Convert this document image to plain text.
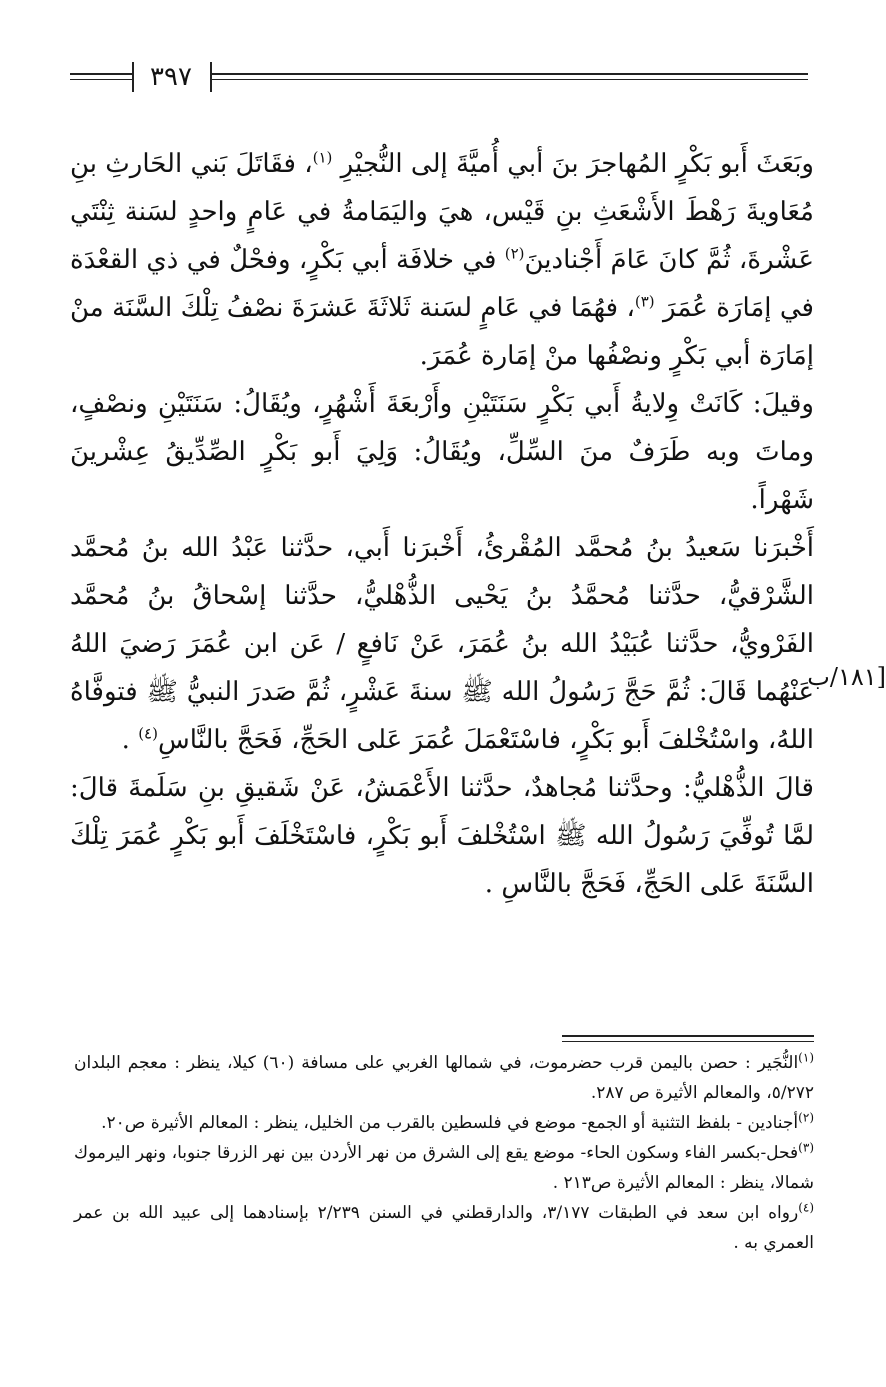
٣٩٧

وبَعَثَ أَبو بَكْرٍ المُهاجرَ بنَ أبي أُميَّةَ إلى النُّجيْرِ $^{(١)}$، فقَاتَلَ بَني الحَارثِ بنِ مُعَاويةَ رَهْطَ الأَشْعَثِ بنِ قَيْس، هيَ واليَمَامةُ في عَامٍ واحدٍ لسَنة ثِنْتَي عَشْرةَ، ثُمَّ كانَ عَامَ أَجْنادينَ$^{(٢)}$ في خلافَة أبي بَكْرٍ، وفحْلٌ في ذي القعْدَة في إمَارَة عُمَرَ $^{(٣)}$، فهُمَا في عَامٍ لسَنة ثَلاثَةَ عَشرَةَ نصْفُ تِلْكَ السَّنَة منْ إمَارَة أبي بَكْرٍ ونصْفُها منْ إمَارة عُمَرَ.

وقيلَ: كَانَتْ وِلايةُ أَبي بَكْرٍ سَنَتَيْنِ وأَرْبعَةَ أَشْهُرٍ، ويُقَالُ: سَنَتَيْنِ ونصْفٍ، وماتَ وبه طَرَفٌ منَ السِّلِّ، ويُقَالُ: وَلِيَ أَبو بَكْرٍ الصِّدِّيقُ عِشْرينَ شَهْراً.

أَخْبرَنا سَعيدُ بنُ مُحمَّد المُقْرئُ، أَخْبرَنا أَبي، حدَّثنا عَبْدُ الله بنُ مُحمَّد الشَّرْقيُّ، حدَّثنا مُحمَّدُ بنُ يَحْيى الذُّهْليُّ، حدَّثنا إسْحاقُ بنُ مُحمَّد الفَرْويُّ، حدَّثنا عُبَيْدُ الله بنُ عُمَرَ، عَنْ نَافعٍ / عَن ابن عُمَرَ رَضيَ اللهُ عَنْهُما قَالَ: ثُمَّ حَجَّ رَسُولُ الله ﷺ سنةَ عَشْرٍ، ثُمَّ صَدرَ النبيُّ ﷺ فتوفَّاهُ اللهُ، واسْتُخْلفَ أَبو بَكْرٍ، فاسْتَعْمَلَ عُمَرَ عَلى الحَجِّ، فَحَجَّ بالنَّاسِ$^{(٤)}$ .

قالَ الذُّهْليُّ: وحدَّثنا مُجاهدٌ، حدَّثنا الأَعْمَشُ، عَنْ شَقيقِ بنِ سَلَمةَ قالَ: لمَّا تُوفِّيَ رَسُولُ الله ﷺ اسْتُخْلفَ أَبو بَكْرٍ، فاسْتَخْلَفَ أَبو بَكْرٍ عُمَرَ تِلْكَ السَّنَةَ عَلى الحَجِّ، فَحَجَّ بالنَّاسِ .

[١٨١/ب

$^{(١)}$النُّجَير : حصن باليمن قرب حضرموت، في شمالها الغربي على مسافة (٦٠) كيلا، ينظر : معجم البلدان ٥/٢٧٢، والمعالم الأثيرة ص ٢٨٧.

$^{(٢)}$أجنادين - بلفظ التثنية أو الجمع- موضع في فلسطين بالقرب من الخليل، ينظر : المعالم الأثيرة ص٢٠.

$^{(٣)}$فحل-بكسر الفاء وسكون الحاء- موضع يقع إلى الشرق من نهر الأردن بين نهر الزرقا جنوبا، ونهر اليرموك شمالا، ينظر : المعالم الأثيرة ص٢١٣ .

$^{(٤)}$رواه ابن سعد في الطبقات ٣/١٧٧، والدارقطني في السنن ٢/٢٣٩ بإسنادهما إلى عبيد الله بن عمر العمري به .
